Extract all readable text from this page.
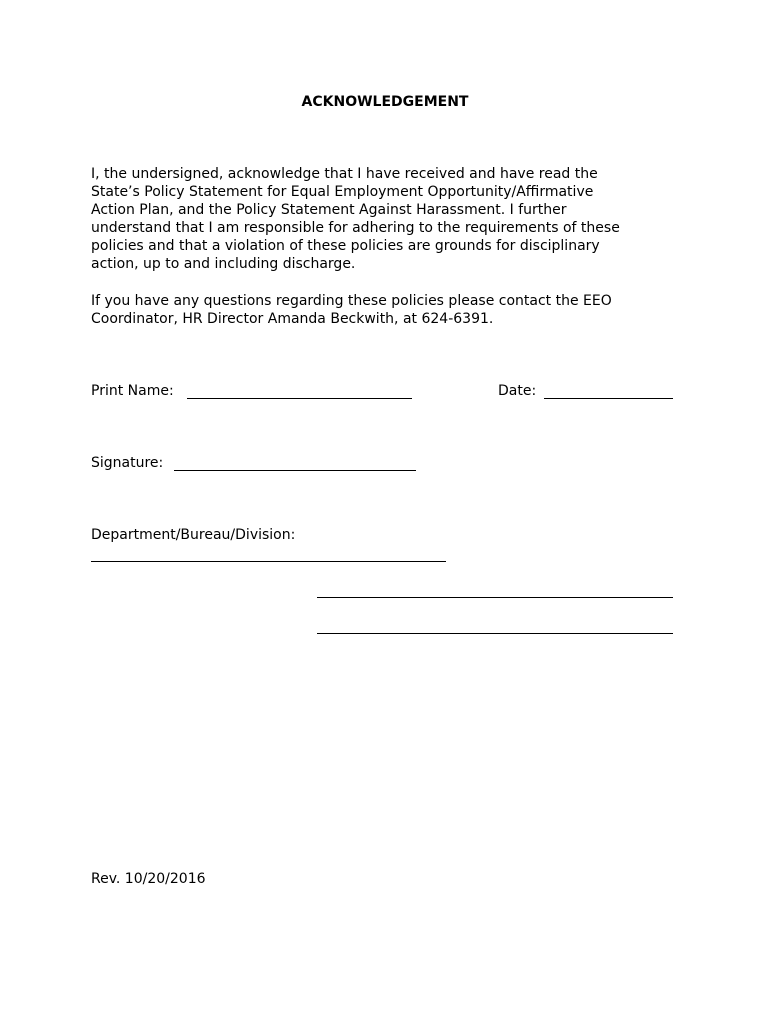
ACKNOWLEDGEMENT
I, the undersigned, acknowledge that I have received and have read the
State’s Policy Statement for Equal Employment Opportunity/Affirmative
Action Plan, and the Policy Statement Against Harassment. I further
understand that I am responsible for adhering to the requirements of these
policies and that a violation of these policies are grounds for disciplinary
action, up to and including discharge.
If you have any questions regarding these policies please contact the EEO
Coordinator, HR Director Amanda Beckwith, at 624-6391.
Print Name:	Date:
Signature:
Department/Bureau/Division:
Rev. 10/20/2016
